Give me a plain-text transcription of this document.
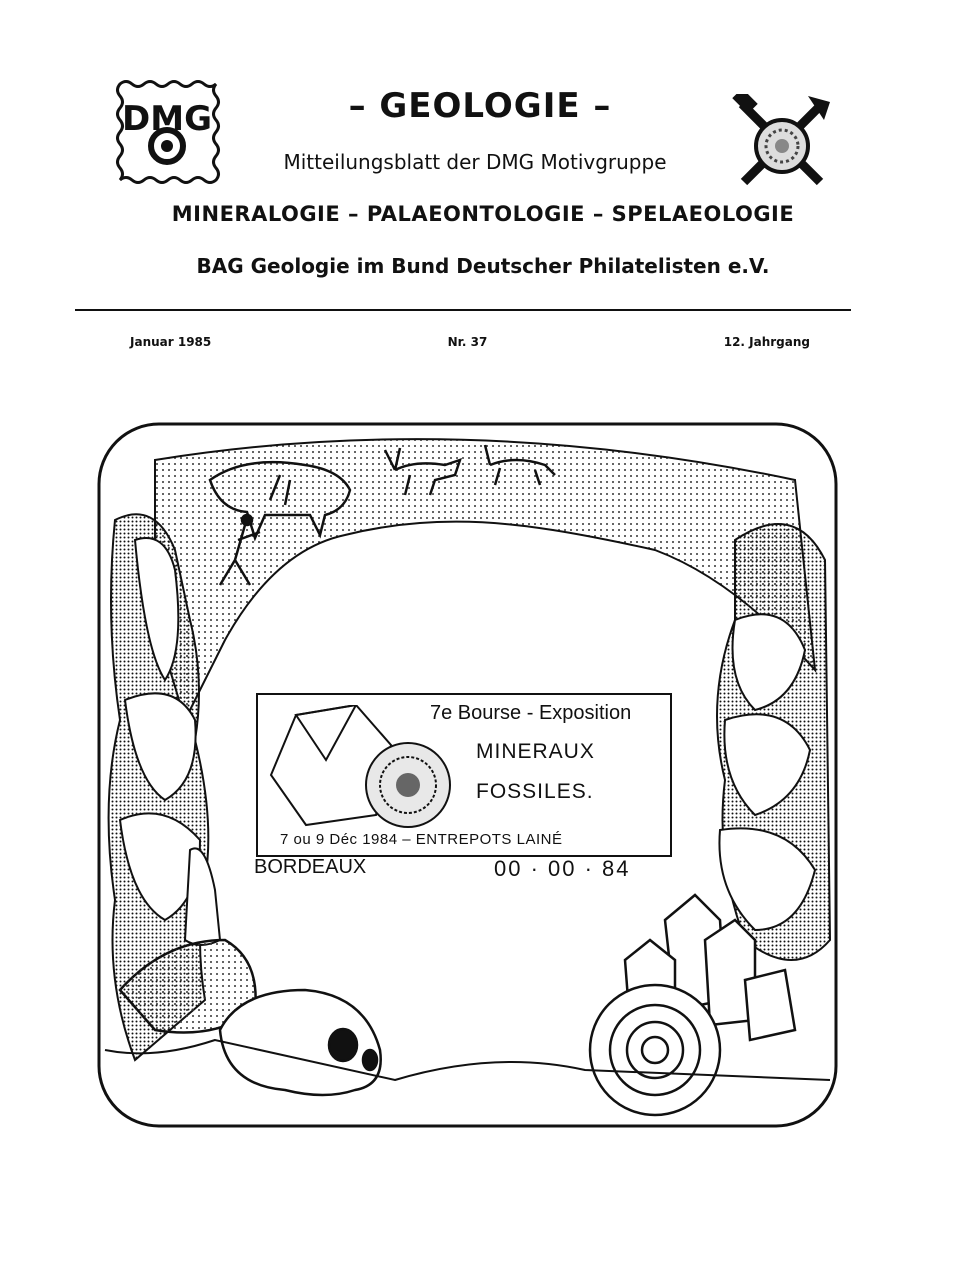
DMG	– GEOLOGIE –
Mitteilungsblatt der DMG Motivgruppe
MINERALOGIE – PALAEONTOLOGIE – SPELAEOLOGIE
BAG Geologie im Bund Deutscher Philatelisten e.V.
Januar 1985	Nr. 37	12. Jahrgang
7e Bourse - Exposition
MINERAUX
FOSSILES.
7 ou 9 Déc 1984 – ENTREPOTS LAINÉ
BORDEAUX	00 · 00 · 84
